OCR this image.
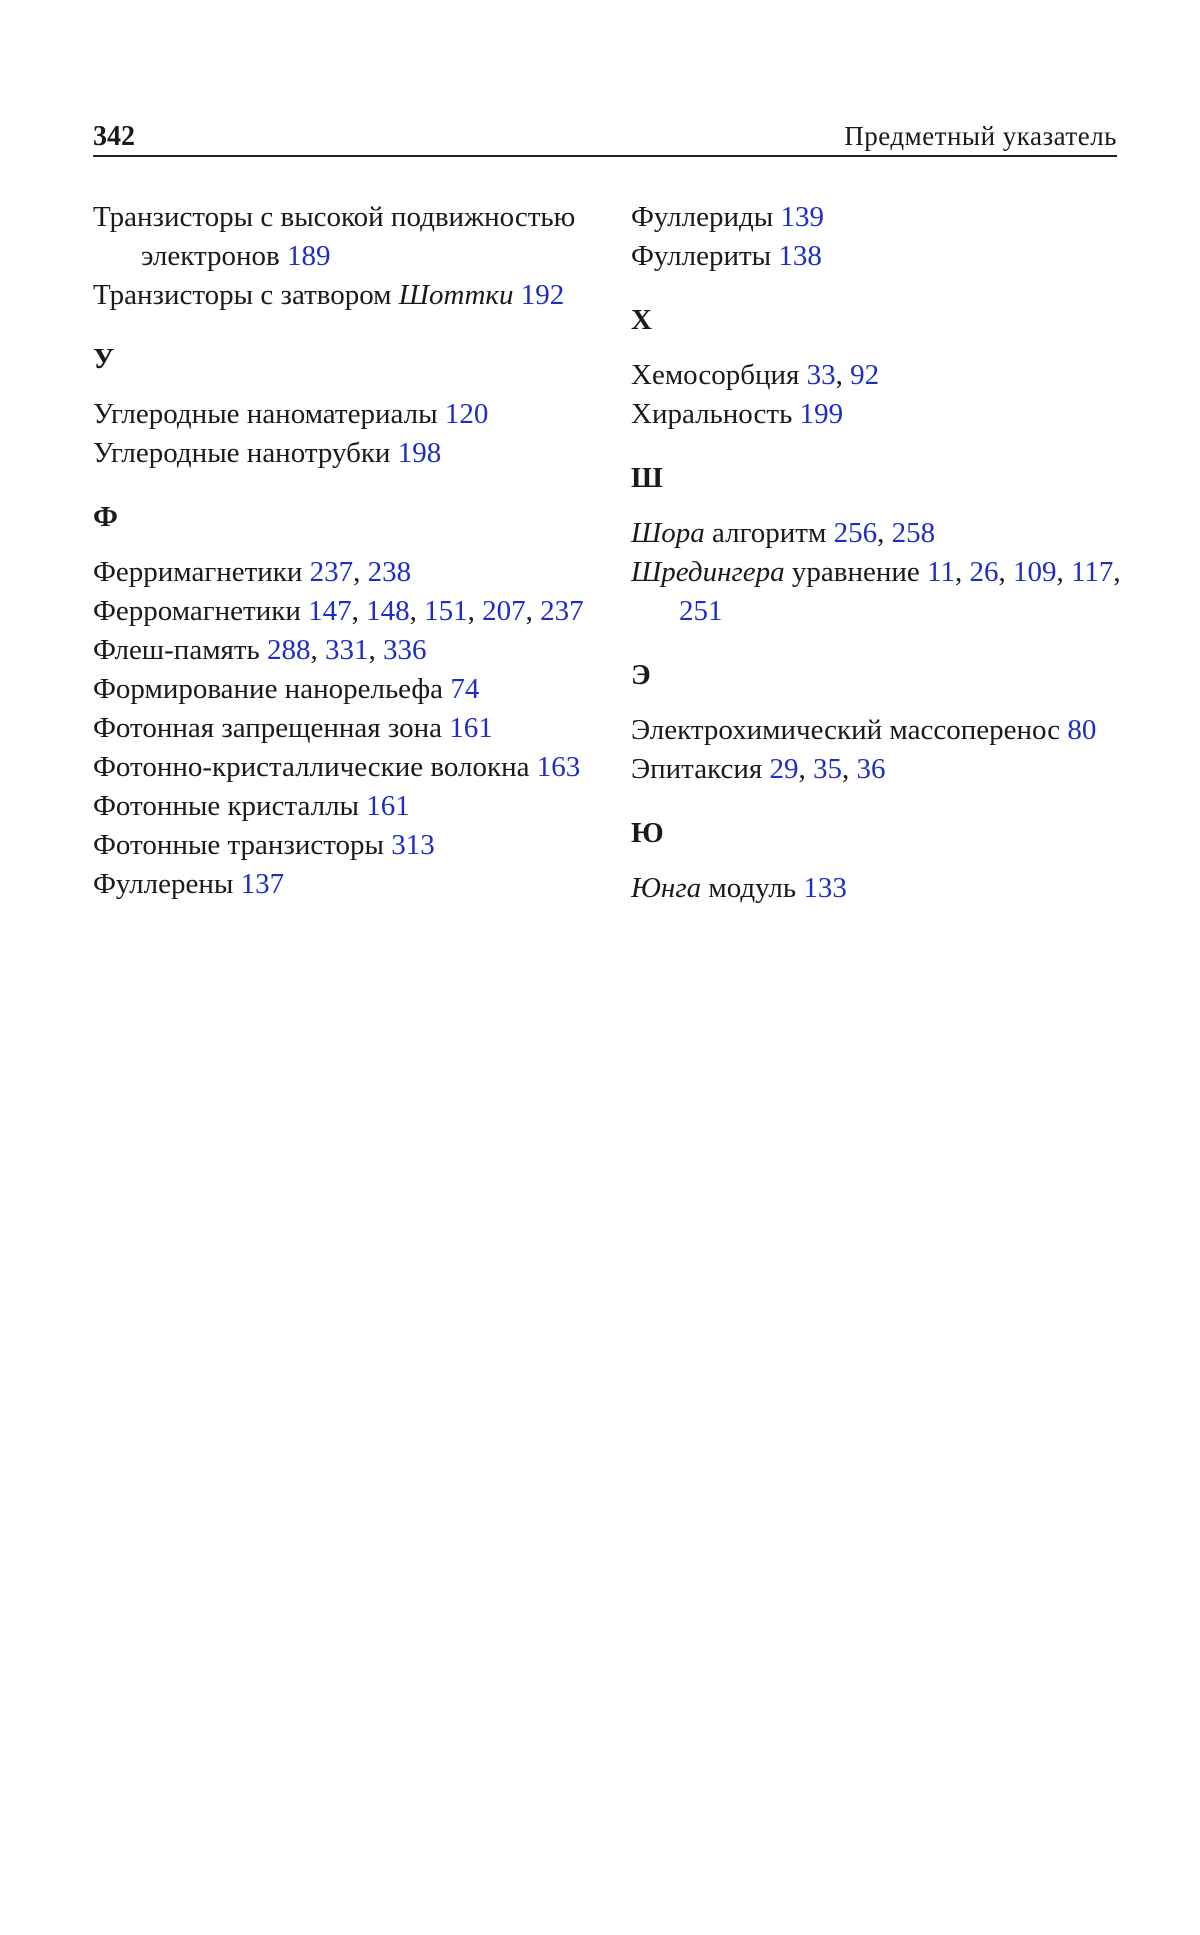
342	Предметный указатель
Транзисторы с высокой подвижностью электронов 189
Транзисторы с затвором Шоттки 192
У
Углеродные наноматериалы 120
Углеродные нанотрубки 198
Ф
Ферримагнетики 237, 238
Ферромагнетики 147, 148, 151, 207, 237
Флеш-память 288, 331, 336
Формирование нанорельефа 74
Фотонная запрещенная зона 161
Фотонно-кристаллические волокна 163
Фотонные кристаллы 161
Фотонные транзисторы 313
Фуллерены 137
Фуллериды 139
Фуллериты 138
Х
Хемосорбция 33, 92
Хиральность 199
Ш
Шора алгоритм 256, 258
Шредингера уравнение 11, 26, 109, 117, 251
Э
Электрохимический массоперенос 80
Эпитаксия 29, 35, 36
Ю
Юнга модуль 133
